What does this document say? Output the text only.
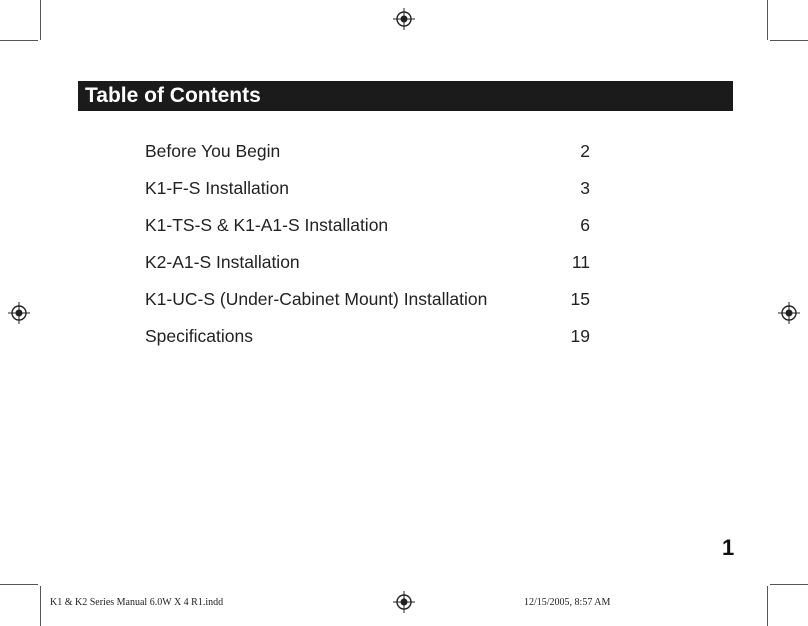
Table of Contents
Before You Begin	2
K1-F-S Installation	3
K1-TS-S & K1-A1-S Installation	6
K2-A1-S Installation	11
K1-UC-S (Under-Cabinet Mount) Installation	15
Specifications	19
1
K1 & K2 Series Manual 6.0W X 4 R1.indd	1	12/15/2005, 8:57 AM
